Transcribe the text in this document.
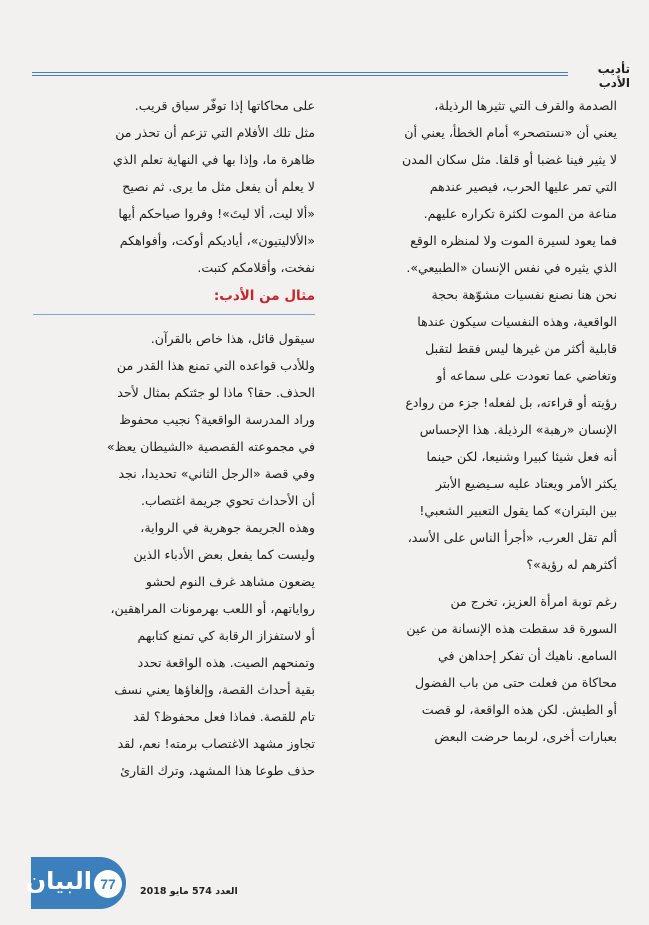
تأديب الأدب
الصدمة والقرف التي تثيرها الرذيلة،
يعني أن «نستصحر» أمام الخطأ، يعني أن
لا يثير فينا غضبا أو قلقا. مثل سكان المدن
التي تمر عليها الحرب، فيصير عندهم
مناعة من الموت لكثرة تكراره عليهم.
فما يعود لسيرة الموت ولا لمنظره الوقع
الذي يثيره في نفس الإنسان «الطبيعي».
نحن هنا نصنع نفسيات مشوّهة بحجة
الواقعية، وهذه النفسيات سيكون عندها
قابلية أكثر من غيرها ليس فقط لتقبل
وتغاضي عما تعودت على سماعه أو
رؤيته أو قراءته، بل لفعله! جزء من روادع
الإنسان «رهبة» الرذيلة. هذا الإحساس
أنه فعل شيئا كبيرا وشنيعا، لكن حينما
يكثر الأمر ويعتاد عليه سـيضيع الأبتر
بين البتران» كما يقول التعبير الشعبي!
ألم تقل العرب، «أجرأ الناس على الأسد،
أكثرهم له رؤية»؟
رغم توبة امرأة العزيز، تخرج من
السورة قد سقطت هذه الإنسانة من عين
السامع. ناهيك أن تفكر إحداهن في
محاكاة من فعلت حتى من باب الفضول
أو الطيش. لكن هذه الواقعة، لو قصت
بعبارات أخرى، لربما حرضت البعض
على محاكاتها إذا توفّر سياق قريب.
مثل تلك الأفلام التي تزعم أن تحذر من
ظاهرة ما، وإذا بها في النهاية تعلم الذي
لا يعلم أن يفعل مثل ما يرى. ثم نصيح
«ألا ليت، ألا ليتَ»! وفروا صياحكم أيها
«الألاليتيون»، أياديكم أوكت، وأفواهكم
نفخت، وأقلامكم كتبت.
مثال من الأدب:
سيقول قائل، هذا خاص بالقرآن.
وللأدب قواعده التي تمنع هذا القدر من
الحذف. حقا؟ ماذا لو جئتكم بمثال لأحد
وراد المدرسة الواقعية؟ نجيب محفوظ
في مجموعته القصصية «الشيطان يعظ»
وفي قصة «الرجل الثاني» تحديدا، نجد
أن الأحداث تحوي جريمة اغتصاب.
وهذه الجريمة جوهرية في الرواية،
وليست كما يفعل بعض الأدباء الذين
يضعون مشاهد غرف النوم لحشو
رواياتهم، أو اللعب بهرمونات المراهقين،
أو لاستفزاز الرقابة كي تمنع كتابهم
وتمنحهم الصيت. هذه الواقعة تحدد
بقية أحداث القصة، وإلغاؤها يعني نسف
تام للقصة. فماذا فعل محفوظ؟ لقد
تجاوز مشهد الاغتصاب برمته! نعم، لقد
حذف طوعا هذا المشهد، وترك القارئ
البيان 77	العدد 574 مايو 2018
